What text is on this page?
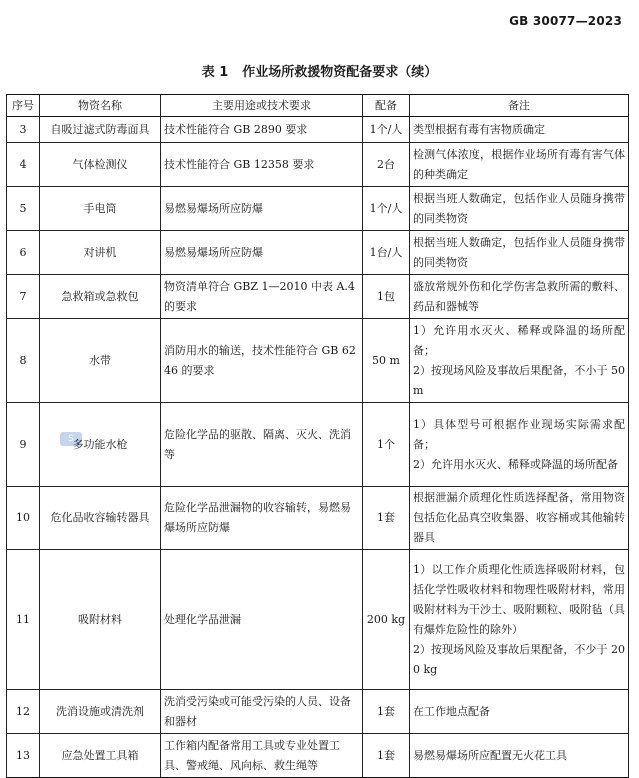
GB 30077—2023
表 1 作业场所救援物资配备要求（续）
S
序号	物资名称	主要用途或技术要求	配备	备注
3	自吸过滤式防毒面具	技术性能符合 GB 2890 要求	1个/人	类型根据有毒有害物质确定
4	气体检测仪	技术性能符合 GB 12358 要求	2台	检测气体浓度，根据作业场所有毒有害气体的种类确定
5	手电筒	易燃易爆场所应防爆	1个/人	根据当班人数确定，包括作业人员随身携带的同类物资
6	对讲机	易燃易爆场所应防爆	1台/人	根据当班人数确定，包括作业人员随身携带的同类物资
7	急救箱或急救包	物资清单符合 GBZ 1—2010 中表 A.4 的要求	1包	盛放常规外伤和化学伤害急救所需的敷料、药品和器械等
8	水带	消防用水的输送，技术性能符合 GB 6246 的要求	50 m	1）允许用水灭火、稀释或降温的场所配备；
2）按现场风险及事故后果配备，不小于 50 m

9	多功能水枪	危险化学品的驱散、隔离、灭火、洗消等	1个	1）具体型号可根据作业现场实际需求配备；
2）允许用水灭火、稀释或降温的场所配备

10	危化品收容输转器具	危险化学品泄漏物的收容输转，易燃易爆场所应防爆	1套	根据泄漏介质理化性质选择配备，常用物资包括危化品真空收集器、收容桶或其他输转器具
11	吸附材料	处理化学品泄漏	200 kg	1）以工作介质理化性质选择吸附材料，包括化学性吸收材料和物理性吸附材料，常用吸附材料为干沙土、吸附颗粒、吸附毡（具有爆炸危险性的除外）
2）按现场风险及事故后果配备，不少于 200 kg

12	洗消设施或清洗剂	洗消受污染或可能受污染的人员、设备和器材	1套	在工作地点配备
13	应急处置工具箱	工作箱内配备常用工具或专业处置工具、警戒绳、风向标、救生绳等	1套	易燃易爆场所应配置无火花工具
